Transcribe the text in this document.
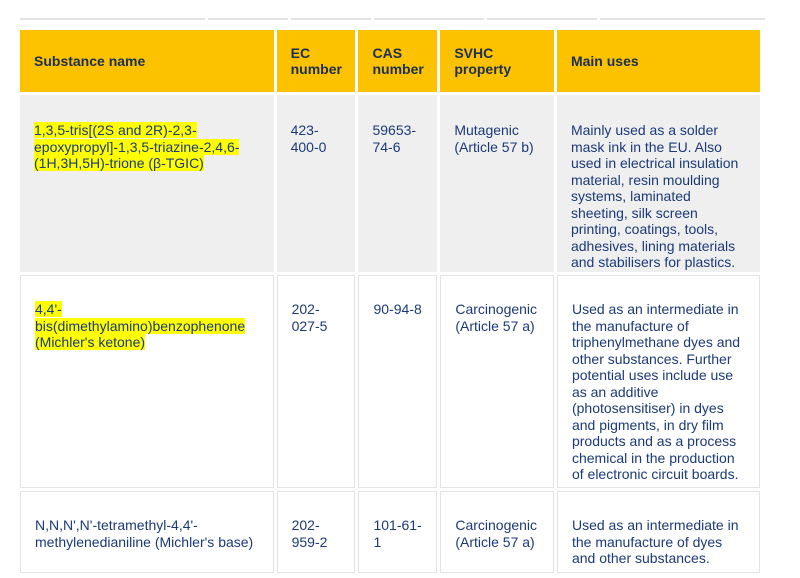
Substance name	EC number	CAS number	SVHC property	Main uses
1,3,5-tris[(2S and 2R)-2,3-epoxypropyl]-1,3,5-triazine-2,4,6-(1H,3H,5H)-trione (β-TGIC)	423-400-0	59653-74-6	Mutagenic (Article 57 b)	Mainly used as a solder mask ink in the EU. Also used in electrical insulation material, resin moulding systems, laminated sheeting, silk screen printing, coatings, tools, adhesives, lining materials and stabilisers for plastics.
4,4'-bis(dimethylamino)benzophenone (Michler's ketone)	202-027-5	90-94-8	Carcinogenic (Article 57 a)	Used as an intermediate in the manufacture of triphenylmethane dyes and other substances. Further potential uses include use as an additive (photosensitiser) in dyes and pigments, in dry film products and as a process chemical in the production of electronic circuit boards.
N,N,N',N'-tetramethyl-4,4'-methylenedianiline (Michler's base)	202-959-2	101-61-1	Carcinogenic (Article 57 a)	Used as an intermediate in the manufacture of dyes and other substances.
